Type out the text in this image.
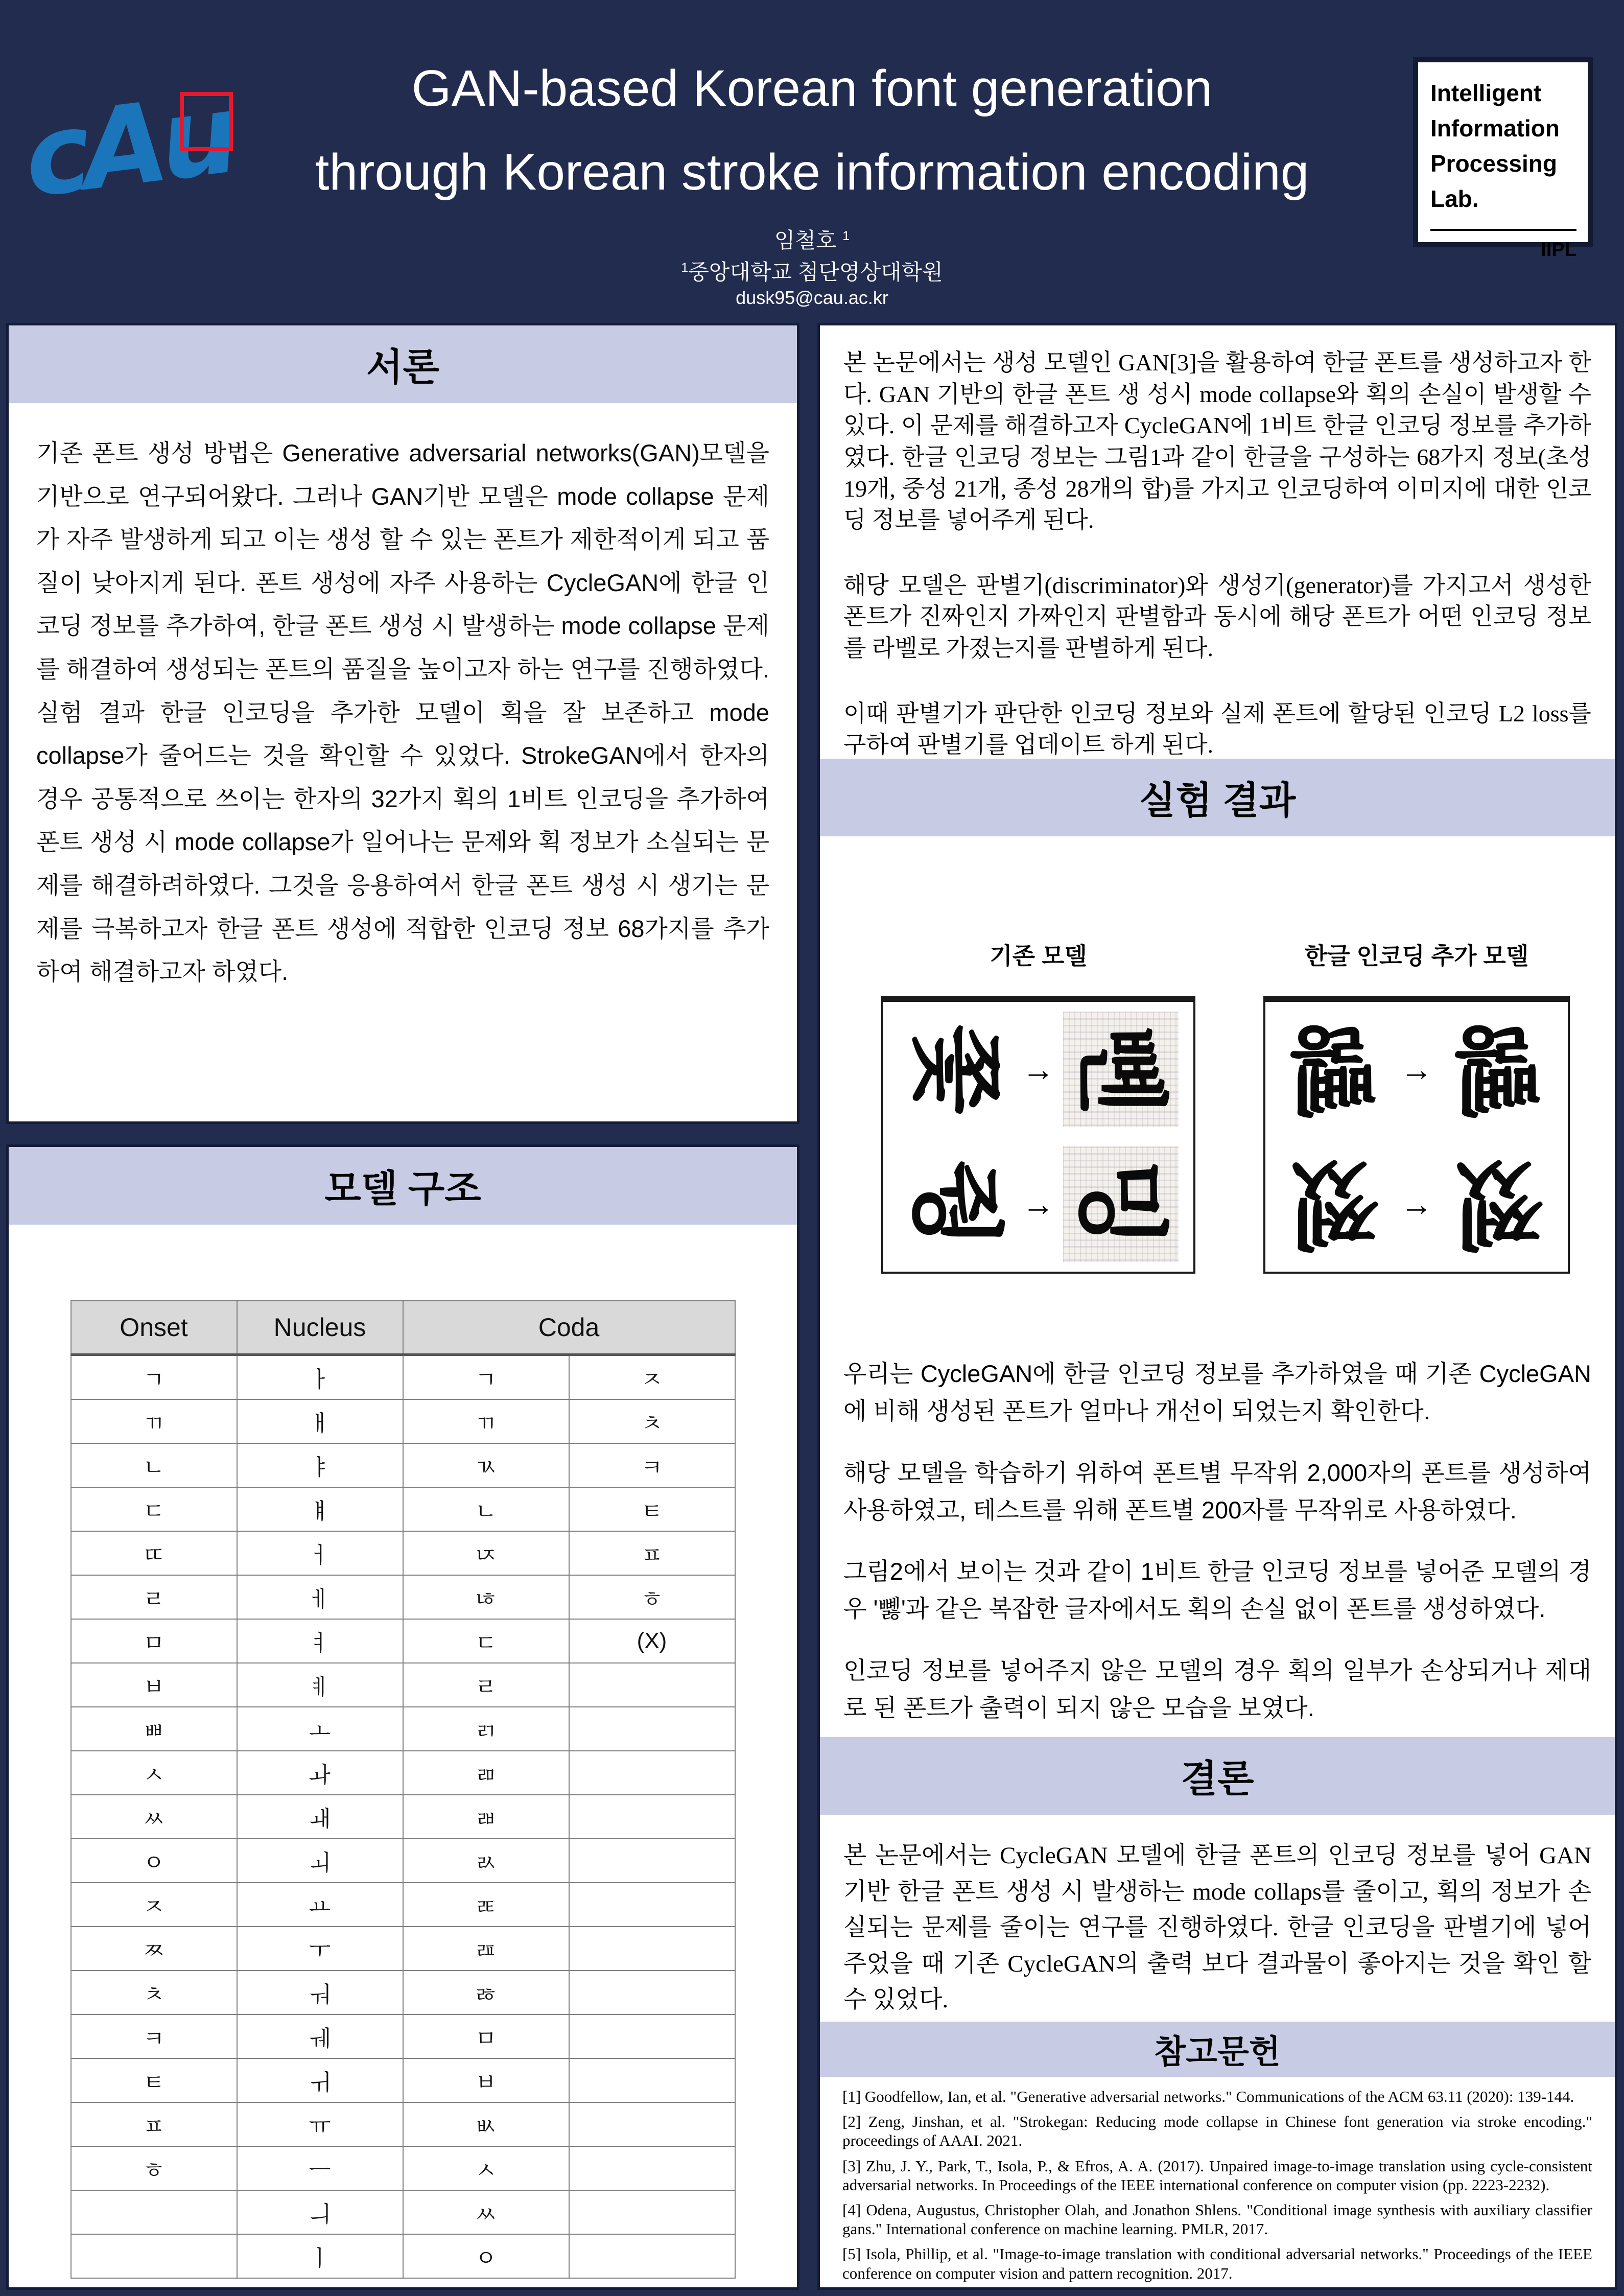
cAu	GAN-based Korean font generation
through Korean stroke information encoding
임철호 $^1$
$^1$중앙대학교 첨단영상대학원
dusk95@cau.ac.kr
Intelligent
Information
Processing
Lab.
IIPL
서론
기존 폰트 생성 방법은 Generative adversarial networks(GAN)모델을 기반으로 연구되어왔다. 그러나 GAN기반 모델은 mode collapse 문제가 자주 발생하게 되고 이는 생성 할 수 있는 폰트가 제한적이게 되고 품질이 낮아지게 된다. 폰트 생성에 자주 사용하는 CycleGAN에 한글 인코딩 정보를 추가하여, 한글 폰트 생성 시 발생하는 mode collapse 문제를 해결하여 생성되는 폰트의 품질을 높이고자 하는 연구를 진행하였다. 실험 결과 한글 인코딩을 추가한 모델이 획을 잘 보존하고 mode collapse가 줄어드는 것을 확인할 수 있었다. StrokeGAN에서 한자의 경우 공통적으로 쓰이는 한자의 32가지 획의 1비트 인코딩을 추가하여 폰트 생성 시 mode collapse가 일어나는 문제와 획 정보가 소실되는 문제를 해결하려하였다. 그것을 응용하여서 한글 폰트 생성 시 생기는 문제를 극복하고자 한글 폰트 생성에 적합한 인코딩 정보 68가지를 추가하여 해결하고자 하였다.
모델 구조
Onset	Nucleus	Coda	
ㄱ	ㅏ	ㄱ	ㅈ
ㄲ	ㅐ	ㄲ	ㅊ
ㄴ	ㅑ	ㄳ	ㅋ
ㄷ	ㅒ	ㄴ	ㅌ
ㄸ	ㅓ	ㄵ	ㅍ
ㄹ	ㅔ	ㄶ	ㅎ
ㅁ	ㅕ	ㄷ	(X)
ㅂ	ㅖ	ㄹ	
ㅃ	ㅗ	ㄺ	
ㅅ	ㅘ	ㄻ	
ㅆ	ㅙ	ㄼ	
ㅇ	ㅚ	ㄽ	
ㅈ	ㅛ	ㄾ	
ㅉ	ㅜ	ㄿ	
ㅊ	ㅝ	ㅀ	
ㅋ	ㅞ	ㅁ	
ㅌ	ㅟ	ㅂ	
ㅍ	ㅠ	ㅄ	
ㅎ	ㅡ	ㅅ	
	ㅢ	ㅆ	
	ㅣ	ㅇ	

본 논문에서는 생성 모델인 GAN[3]을 활용하여 한글 폰트를 생성하고자 한다. GAN 기반의 한글 폰트 생 성시 mode collapse와 획의 손실이 발생할 수 있다. 이 문제를 해결하고자 CycleGAN에 1비트 한글 인코딩 정보를 추가하였다. 한글 인코딩 정보는 그림1과 같이 한글을 구성하는 68가지 정보(초성 19개, 중성 21개, 종성 28개의 합)를 가지고 인코딩하여 이미지에 대한 인코딩 정보를 넣어주게 된다.

해당 모델은 판별기(discriminator)와 생성기(generator)를 가지고서 생성한 폰트가 진짜인지 가짜인지 판별함과 동시에 해당 폰트가 어떤 인코딩 정보를 라벨로 가졌는지를 판별하게 된다.

이때 판별기가 판단한 인코딩 정보와 실제 폰트에 할당된 인코딩 L2 loss를 구하여 판별기를 업데이트 하게 된다.

실험 결과
기존 모델	한글 인코딩 추가 모델
쫓 → 뼨
줭 → 밍
뼳 → 뼳
쩼 → 쩼

우리는 CycleGAN에 한글 인코딩 정보를 추가하였을 때 기존 CycleGAN에 비해 생성된 폰트가 얼마나 개선이 되었는지 확인한다.

해당 모델을 학습하기 위하여 폰트별 무작위 2,000자의 폰트를 생성하여 사용하였고, 테스트를 위해 폰트별 200자를 무작위로 사용하였다.

그림2에서 보이는 것과 같이 1비트 한글 인코딩 정보를 넣어준 모델의 경우 '뼳'과 같은 복잡한 글자에서도 획의 손실 없이 폰트를 생성하였다.

인코딩 정보를 넣어주지 않은 모델의 경우 획의 일부가 손상되거나 제대로 된 폰트가 출력이 되지 않은 모습을 보였다.

결론
본 논문에서는 CycleGAN 모델에 한글 폰트의 인코딩 정보를 넣어 GAN 기반 한글 폰트 생성 시 발생하는 mode collaps를 줄이고, 획의 정보가 손실되는 문제를 줄이는 연구를 진행하였다. 한글 인코딩을 판별기에 넣어주었을 때 기존 CycleGAN의 출력 보다 결과물이 좋아지는 것을 확인 할 수 있었다.
참고문헌

[1] Goodfellow, Ian, et al. "Generative adversarial networks." Communications of the ACM 63.11 (2020): 139-144.

[2] Zeng, Jinshan, et al. "Strokegan: Reducing mode collapse in Chinese font generation via stroke encoding." proceedings of AAAI. 2021.

[3] Zhu, J. Y., Park, T., Isola, P., & Efros, A. A. (2017). Unpaired image-to-image translation using cycle-consistent adversarial networks. In Proceedings of the IEEE international conference on computer vision (pp. 2223-2232).

[4] Odena, Augustus, Christopher Olah, and Jonathon Shlens. "Conditional image synthesis with auxiliary classifier gans." International conference on machine learning. PMLR, 2017.

[5] Isola, Phillip, et al. "Image-to-image translation with conditional adversarial networks." Proceedings of the IEEE conference on computer vision and pattern recognition. 2017.
